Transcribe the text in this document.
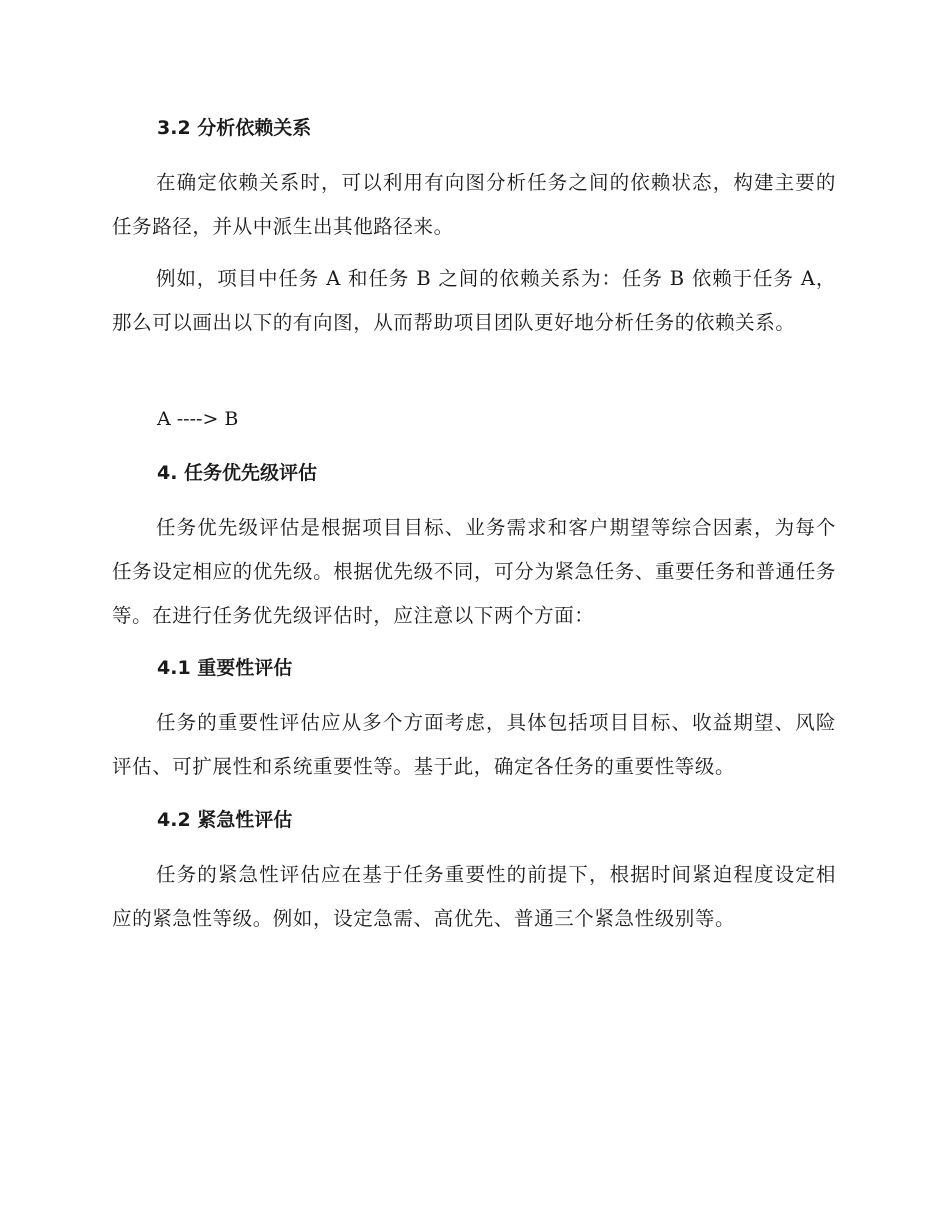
3.2 分析依赖关系

在确定依赖关系时，可以利用有向图分析任务之间的依赖状态，构建主要的任务路径，并从中派生出其他路径来。

例如，项目中任务 A 和任务 B 之间的依赖关系为：任务 B 依赖于任务 A，那么可以画出以下的有向图，从而帮助项目团队更好地分析任务的依赖关系。

A ----> B

4. 任务优先级评估

任务优先级评估是根据项目目标、业务需求和客户期望等综合因素，为每个任务设定相应的优先级。根据优先级不同，可分为紧急任务、重要任务和普通任务等。在进行任务优先级评估时，应注意以下两个方面：

4.1 重要性评估

任务的重要性评估应从多个方面考虑，具体包括项目目标、收益期望、风险评估、可扩展性和系统重要性等。基于此，确定各任务的重要性等级。

4.2 紧急性评估

任务的紧急性评估应在基于任务重要性的前提下，根据时间紧迫程度设定相应的紧急性等级。例如，设定急需、高优先、普通三个紧急性级别等。
